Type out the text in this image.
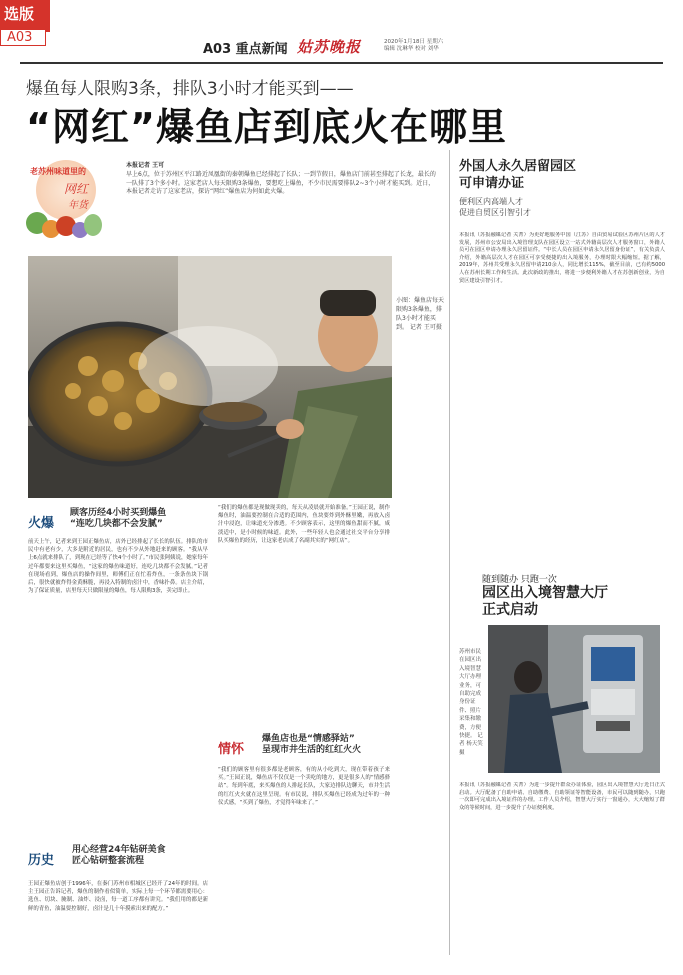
选版
A03
A03 重点新闻 姑苏晚报	2020年1月18日 星期六
编辑 沈琳华 校对 刘华
爆鱼每人限购3条，排队3小时才能买到——
“网红”爆鱼店到底火在哪里
老苏州味道里的
网红
年货
本报记者 王可
早上6点，位于苏州区平江路近凤凰街的秦朝爆鱼已经排起了长队；一到节假日，爆鱼店门前甚至排起了长龙，最长的一队排了3个多小时。这家老店人每天限购3条爆鱼，要想吃上爆鱼，不少市民需要排队2~3个小时才能买到。近日，本报记者走访了这家老店，探访“网红”爆鱼店为何如此火爆。
小图：爆鱼店每天限购3条爆鱼，排队3小时才能买到。 记者 王可摄
火爆
顾客历经4小时买到爆鱼
“连吃几块都不会发腻”
前天上午，记者来到王园正爆鱼店，店外已经排起了长长的队伍。排队的市民中有老有少，大多是附近的居民，也有不少从外地赶来的顾客。“我从早上6点就来排队了，到现在已经等了快4个小时了。”市民张阿姨说，她家每年过年都要来这里买爆鱼，“这家的爆鱼味道好，连吃几块都不会发腻。”记者在现场看到，爆鱼店的操作间里，师傅们正在忙着炸鱼，一条条鱼块下锅后，很快就被炸得金黄酥脆，再浸入特制的卤汁中，香味扑鼻。店主介绍，为了保证质量，店里每天只做限量的爆鱼，每人限购3条，卖完即止。
历史
用心经营24年钻研美食
匠心钻研整套流程
王园正爆鱼店创于1996年，在秦门苏州市相城区已经开了24年的时间。店主王园正告诉记者，爆鱼的制作看似简单，实际上每一个环节都需要用心：选鱼、切块、腌制、油炸、浸卤，每一道工序都有讲究。“我们用的都是新鲜的青鱼，油温要控制好，卤汁是几十年摸索出来的配方。”
“我们的爆鱼都是现做现卖的，每天从凌晨就开始准备。”王园正说，制作爆鱼时，油温要控制在合适的范围内，鱼块要炸到外酥里嫩，再放入卤汁中浸泡，让味道充分渗透。不少顾客表示，这里的爆鱼甜而不腻，咸淡适中，是小时候的味道。此外，一些年轻人也会通过社交平台分享排队买爆鱼的经历，让这家老店成了名副其实的“网红店”。
情怀
爆鱼店也是“情感驿站”
呈现市井生活的红红火火
“我们的顾客里有很多都是老顾客，有的从小吃到大，现在带着孩子来买。”王园正说，爆鱼店不仅仅是一个卖吃的地方，更是很多人的“情感驿站”。每到年底，来买爆鱼的人排起长队，大家边排队边聊天，市井生活的红红火火就在这里呈现。有市民说，排队买爆鱼已经成为过年的一种仪式感，“买到了爆鱼，才觉得年味来了。”
外国人永久居留园区
可申请办证
便利区内高端人才
促进自贸区引智引才
本报讯（苏报融媒记者 关菁）为更好地服务中国（江苏）自由贸易试验区苏州片区的人才发展，苏州市公安局出入境管理支队在园区设立一站式外籍高层次人才服务窗口，外籍人员可在园区申请办理永久居留证件。“中长人员在园区申请永久居留身份证”，有关负责人介绍，外籍高层次人才在园区可享受便捷的出入境服务，办理时限大幅缩短。据了解，2019年，苏州共受理永久居留申请210余人，同比增长115%，截至目前，已有约5000人在苏州长期工作和生活。此次新政的推出，将进一步便利外籍人才在苏创新创业，为自贸区建设引智引才。
随到随办 只跑一次
园区出入境智慧大厅
正式启动
苏州市民在园区出入境智慧大厅办理业务，可自助完成身份证件、照片采集和缴费，方便快捷。 记者 杨天笑摄
本报讯（苏报融媒记者 关菁）为进一步提升群众办证体验，园区出入境智慧大厅近日正式启动。大厅配备了自助申请、自助缴费、自助领证等智能设备，市民可以随到随办，只跑一次即可完成出入境证件的办理。工作人员介绍，智慧大厅实行一窗通办，大大缩短了群众的等候时间，进一步提升了办证便利度。
